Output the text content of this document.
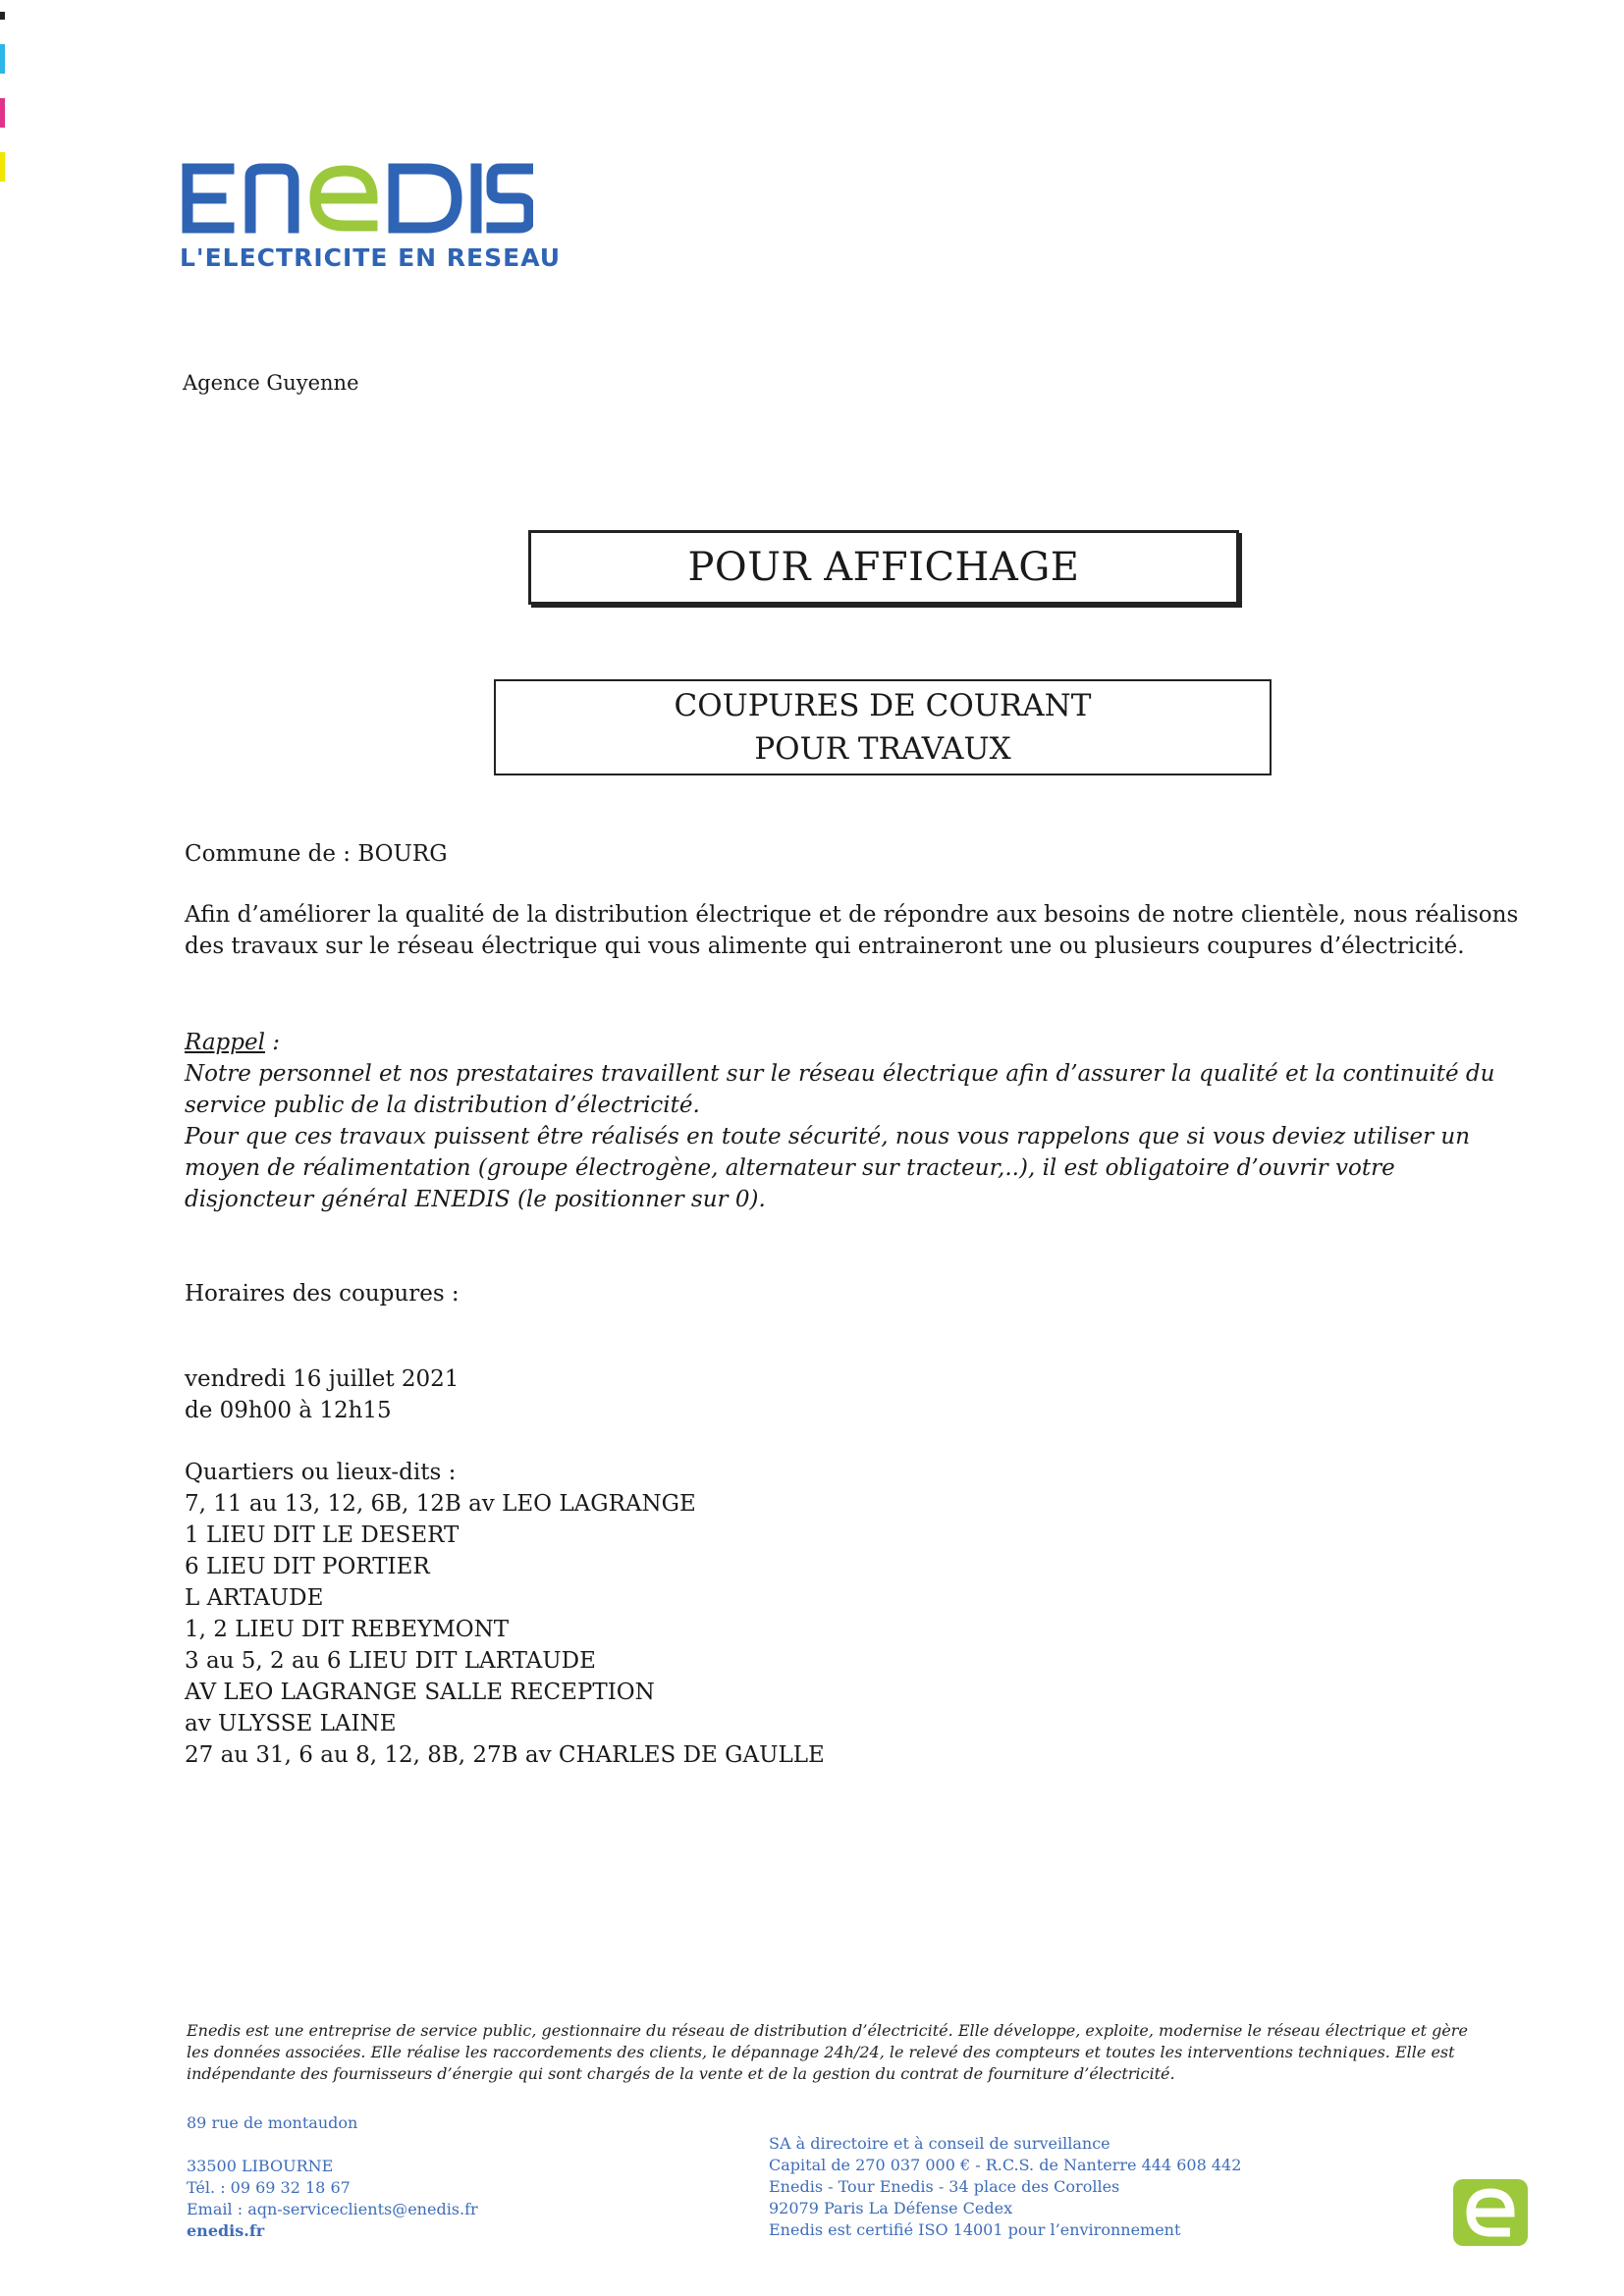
L'ELECTRICITE EN RESEAU
Agence Guyenne
POUR AFFICHAGE
COUPURES DE COURANT
POUR TRAVAUX
Commune de : BOURG
Afin d’améliorer la qualité de la distribution électrique et de répondre aux besoins de notre clientèle, nous réalisons des travaux sur le réseau électrique qui vous alimente qui entraineront une ou plusieurs coupures d’électricité.
Rappel :
Notre personnel et nos prestataires travaillent sur le réseau électrique afin d’assurer la qualité et la continuité du service public de la distribution d’électricité.
Pour que ces travaux puissent être réalisés en toute sécurité, nous vous rappelons que si vous deviez utiliser un moyen de réalimentation (groupe électrogène, alternateur sur tracteur,..), il est obligatoire d’ouvrir votre disjoncteur général ENEDIS (le positionner sur 0).
Horaires des coupures :
vendredi 16 juillet 2021
de 09h00 à 12h15
Quartiers ou lieux-dits :
7, 11 au 13, 12, 6B, 12B av LEO LAGRANGE
1 LIEU DIT LE DESERT
6 LIEU DIT PORTIER
L ARTAUDE
1, 2 LIEU DIT REBEYMONT
3 au 5, 2 au 6 LIEU DIT LARTAUDE
AV LEO LAGRANGE SALLE RECEPTION
av ULYSSE LAINE
27 au 31, 6 au 8, 12, 8B, 27B av CHARLES DE GAULLE
Enedis est une entreprise de service public, gestionnaire du réseau de distribution d’électricité. Elle développe, exploite, modernise le réseau électrique et gère les données associées. Elle réalise les raccordements des clients, le dépannage 24h/24, le relevé des compteurs et toutes les interventions techniques. Elle est indépendante des fournisseurs d’énergie qui sont chargés de la vente et de la gestion du contrat de fourniture d’électricité.
89 rue de montaudon
33500 LIBOURNE
Tél. : 09 69 32 18 67
Email : aqn-serviceclients@enedis.fr
enedis.fr
SA à directoire et à conseil de surveillance
Capital de 270 037 000 € - R.C.S. de Nanterre 444 608 442
Enedis - Tour Enedis - 34 place des Corolles
92079 Paris La Défense Cedex
Enedis est certifié ISO 14001 pour l’environnement
